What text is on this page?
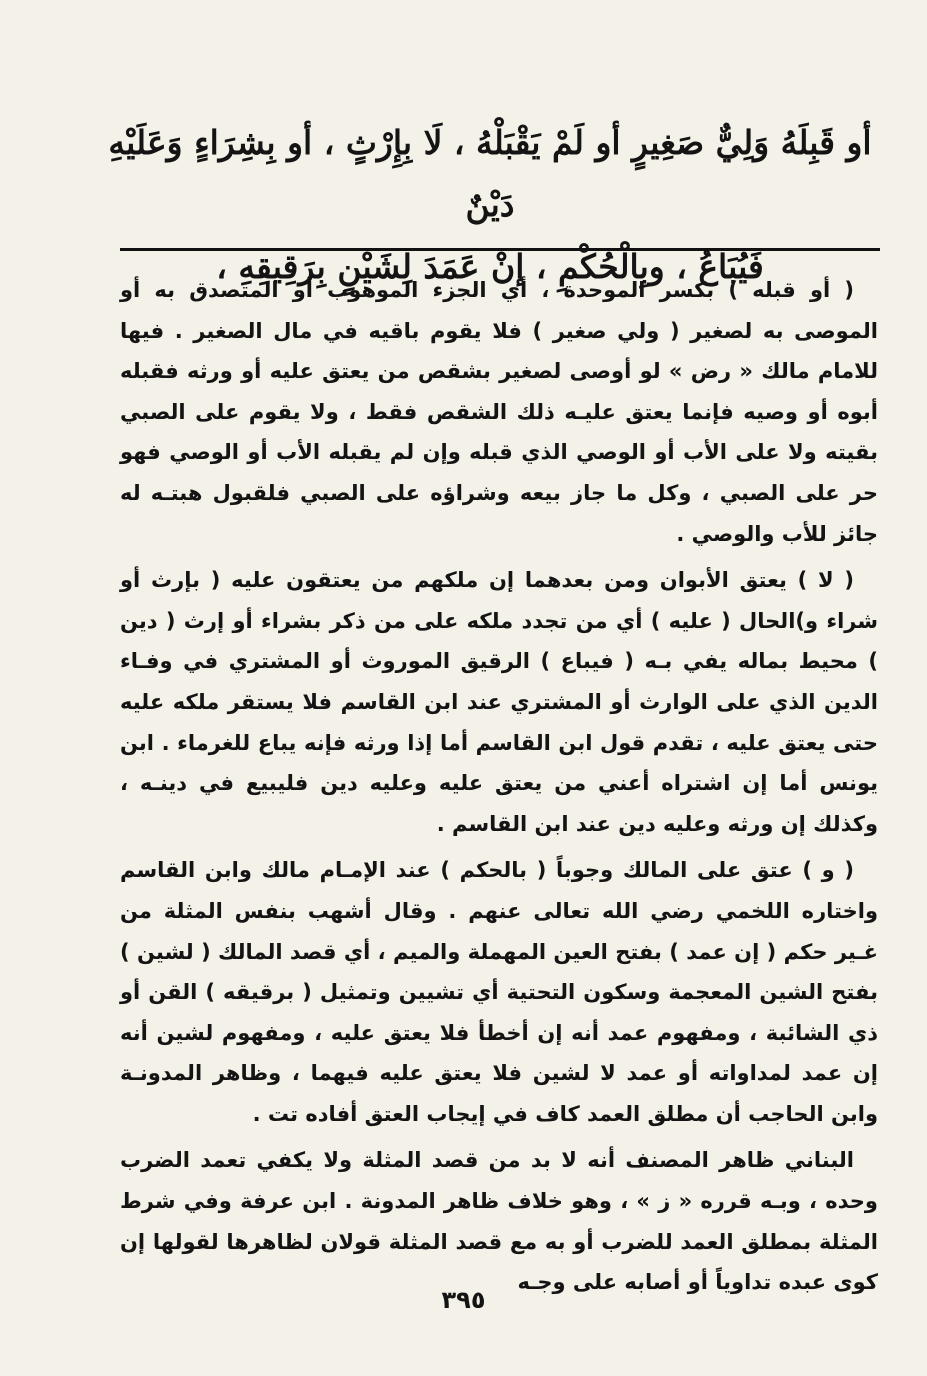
أو قَبِلَهُ وَلِيٌّ صَغِيرٍ أو لَمْ يَقْبَلْهُ ، لَا بِإِرْثٍ ، أو بِشِرَاءٍ وَعَلَيْهِ دَيْنٌ
فَيُبَاعُ ، وبِالْحُكْمِ ، إنْ عَمَدَ لِشَيْنٍ بِرَقِيقِهِ ،

( أو قبله ) بكسر الموحدة ، أي الجزء الموهوب أو المتصدق به أو الموصى به لصغير ( ولي صغير ) فلا يقوم باقيه في مال الصغير . فيها للامام مالك « رض » لو أوصى لصغير بشقص من يعتق عليه أو ورثه فقبله أبوه أو وصيه فإنما يعتق عليـه ذلك الشقص فقط ، ولا يقوم على الصبي بقيته ولا على الأب أو الوصي الذي قبله وإن لم يقبله الأب أو الوصي فهو حر على الصبي ، وكل ما جاز بيعه وشراؤه على الصبي فلقبول هبتـه له جائز للأب والوصي .

( لا ) يعتق الأبوان ومن بعدهما إن ملكهم من يعتقون عليه ( بإرث أو شراء و)الحال ( عليه ) أي من تجدد ملكه على من ذكر بشراء أو إرث ( دين ) محيط بماله يفي بـه ( فيباع ) الرقيق الموروث أو المشتري في وفـاء الدين الذي على الوارث أو المشتري عند ابن القاسم فلا يستقر ملكه عليه حتى يعتق عليه ، تقدم قول ابن القاسم أما إذا ورثه فإنه يباع للغرماء . ابن يونس أما إن اشتراه أعني من يعتق عليه وعليه دين فليبيع في دينـه ، وكذلك إن ورثه وعليه دين عند ابن القاسم .

( و ) عتق على المالك وجوباً ( بالحكم ) عند الإمـام مالك وابن القاسم واختاره اللخمي رضي الله تعالى عنهم . وقال أشهب بنفس المثلة من غـير حكم ( إن عمد ) بفتح العين المهملة والميم ، أي قصد المالك ( لشين ) بفتح الشين المعجمة وسكون التحتية أي تشيين وتمثيل ( برقيقه ) القن أو ذي الشائبة ، ومفهوم عمد أنه إن أخطأ فلا يعتق عليه ، ومفهوم لشين أنه إن عمد لمداواته أو عمد لا لشين فلا يعتق عليه فيهما ، وظاهر المدونـة وابن الحاجب أن مطلق العمد كاف في إيجاب العتق أفاده تت .

البناني ظاهر المصنف أنه لا بد من قصد المثلة ولا يكفي تعمد الضرب وحده ، وبـه قرره « ز » ، وهو خلاف ظاهر المدونة . ابن عرفة وفي شرط المثلة بمطلق العمد للضرب أو به مع قصد المثلة قولان لظاهرها لقولها إن كوى عبده تداوياً أو أصابه على وجـه

٣٩٥
